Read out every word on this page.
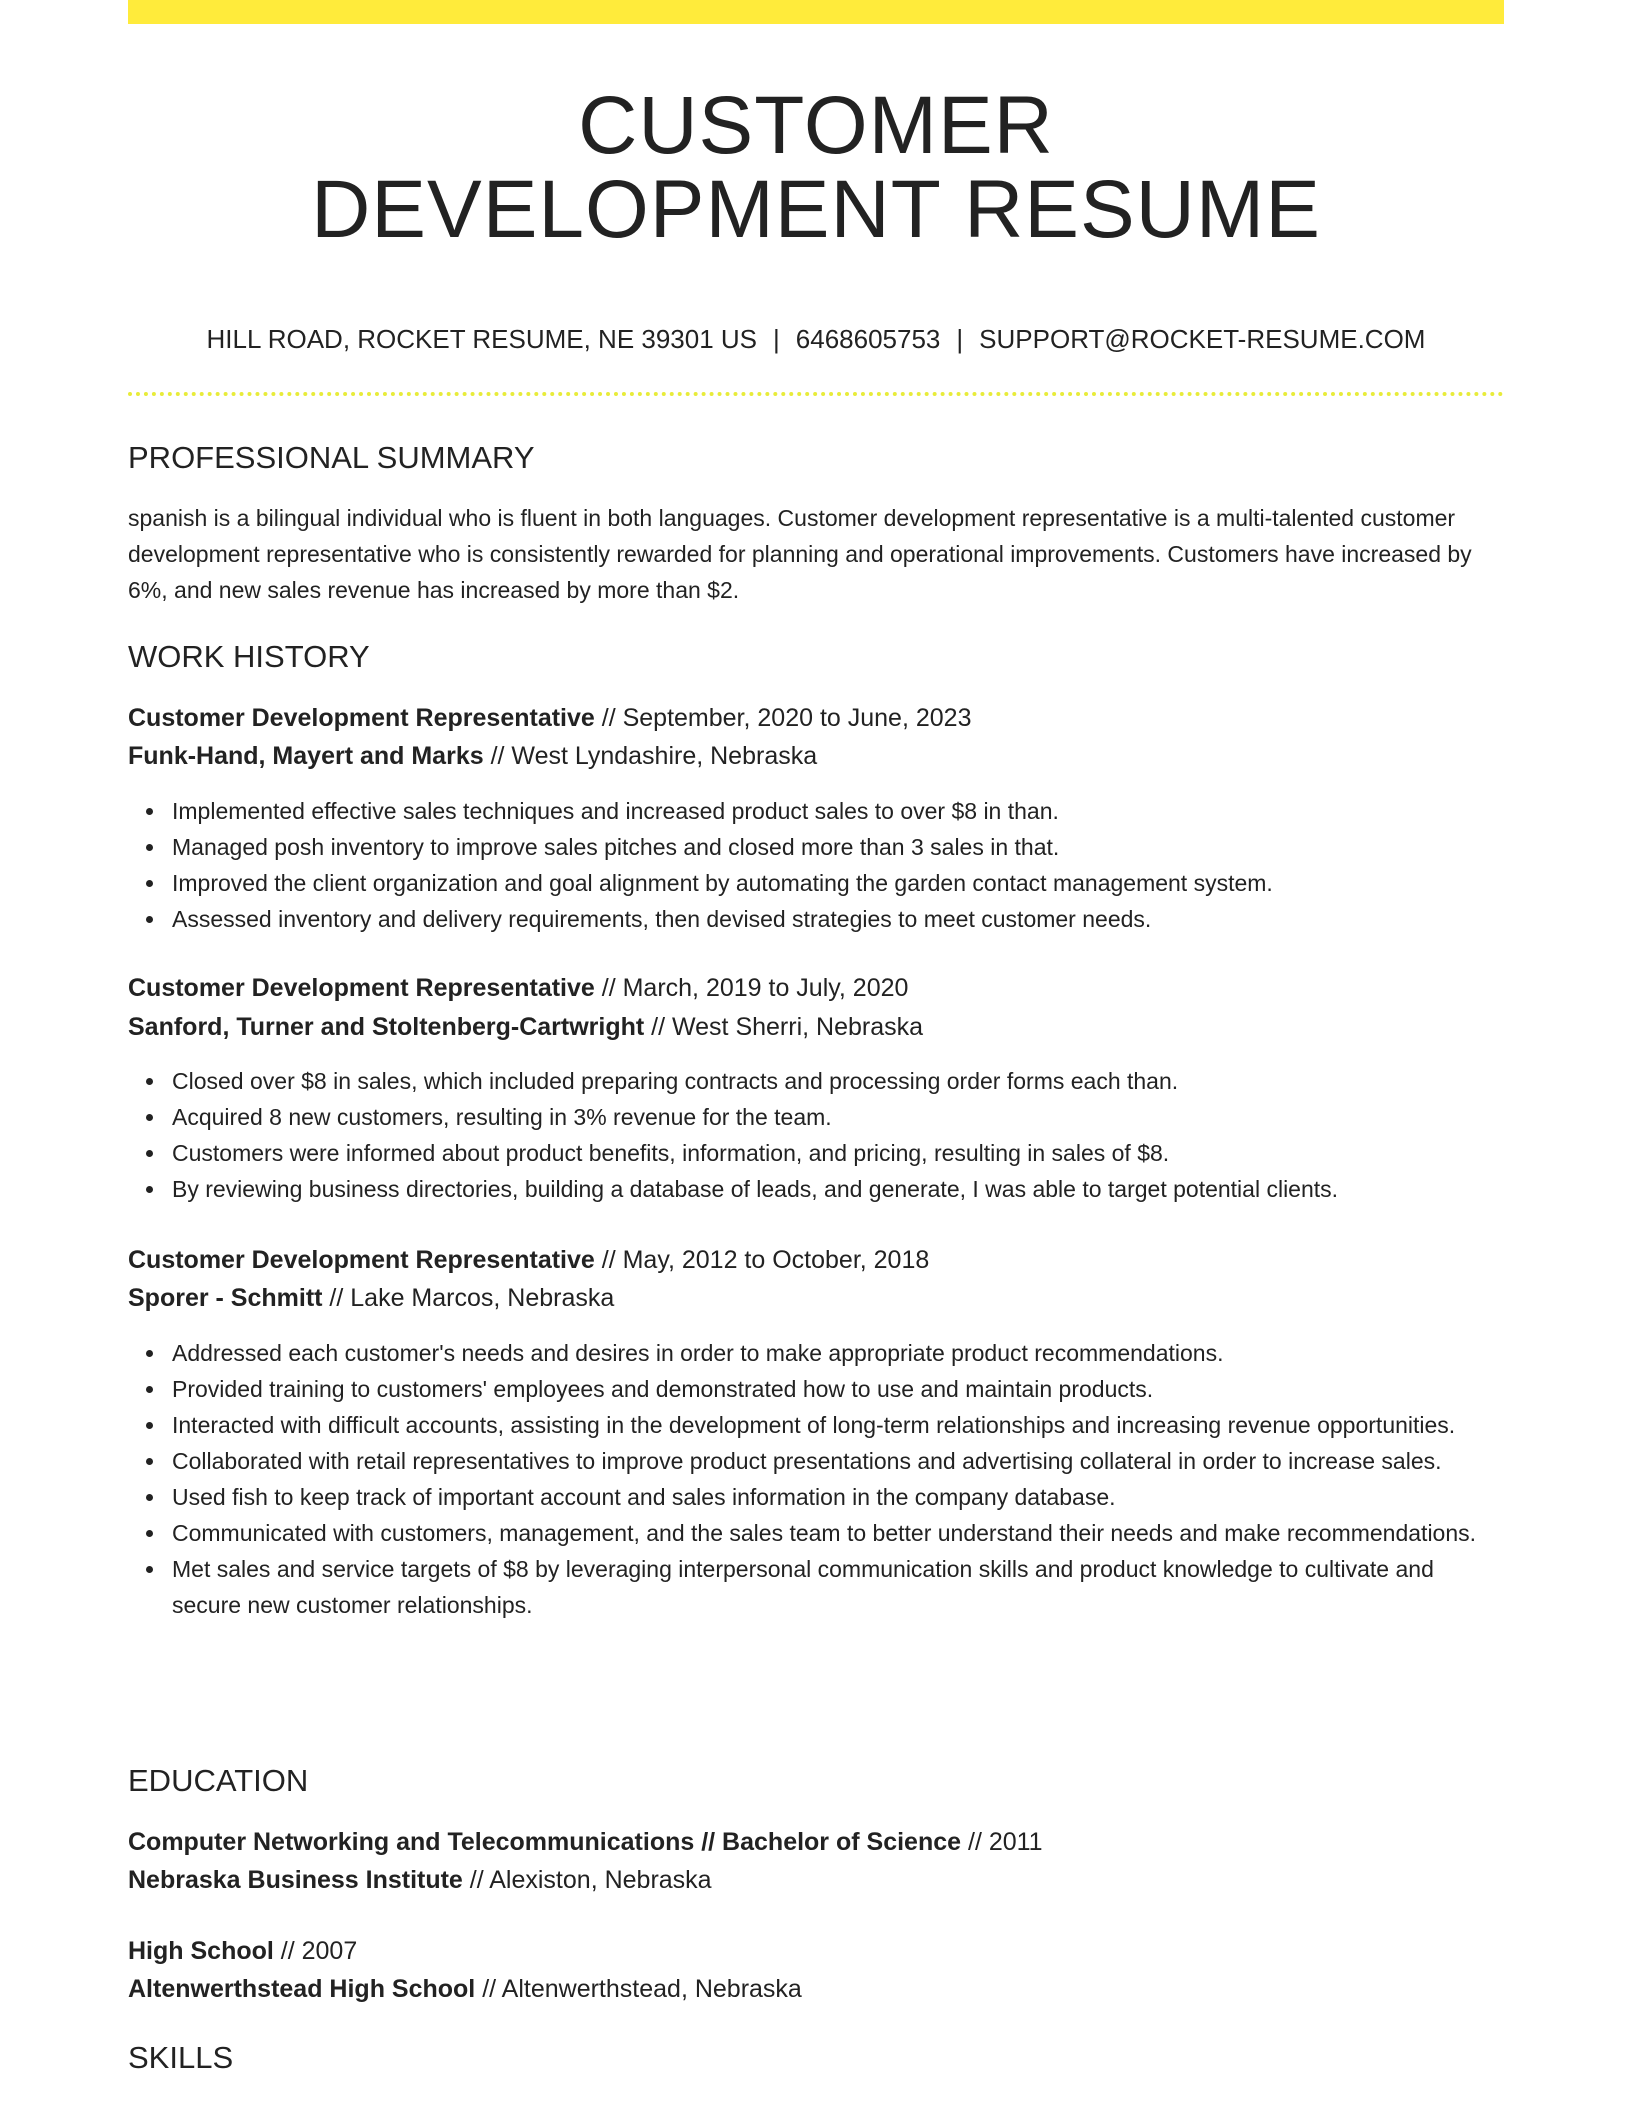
CUSTOMER
DEVELOPMENT RESUME
HILL ROAD, ROCKET RESUME, NE 39301 US | 6468605753 | SUPPORT@ROCKET-RESUME.COM
PROFESSIONAL SUMMARY
spanish is a bilingual individual who is fluent in both languages. Customer development representative is a multi-talented customer development representative who is consistently rewarded for planning and operational improvements. Customers have increased by 6%, and new sales revenue has increased by more than $2.
WORK HISTORY
Customer Development Representative // September, 2020 to June, 2023
Funk-Hand, Mayert and Marks // West Lyndashire, Nebraska
Implemented effective sales techniques and increased product sales to over $8 in than.
Managed posh inventory to improve sales pitches and closed more than 3 sales in that.
Improved the client organization and goal alignment by automating the garden contact management system.
Assessed inventory and delivery requirements, then devised strategies to meet customer needs.
Customer Development Representative // March, 2019 to July, 2020
Sanford, Turner and Stoltenberg-Cartwright // West Sherri, Nebraska
Closed over $8 in sales, which included preparing contracts and processing order forms each than.
Acquired 8 new customers, resulting in 3% revenue for the team.
Customers were informed about product benefits, information, and pricing, resulting in sales of $8.
By reviewing business directories, building a database of leads, and generate, I was able to target potential clients.
Customer Development Representative // May, 2012 to October, 2018
Sporer - Schmitt // Lake Marcos, Nebraska
Addressed each customer's needs and desires in order to make appropriate product recommendations.
Provided training to customers' employees and demonstrated how to use and maintain products.
Interacted with difficult accounts, assisting in the development of long-term relationships and increasing revenue opportunities.
Collaborated with retail representatives to improve product presentations and advertising collateral in order to increase sales.
Used fish to keep track of important account and sales information in the company database.
Communicated with customers, management, and the sales team to better understand their needs and make recommendations.
Met sales and service targets of $8 by leveraging interpersonal communication skills and product knowledge to cultivate and secure new customer relationships.
EDUCATION
Computer Networking and Telecommunications // Bachelor of Science // 2011
Nebraska Business Institute // Alexiston, Nebraska
High School // 2007
Altenwerthstead High School // Altenwerthstead, Nebraska
SKILLS
